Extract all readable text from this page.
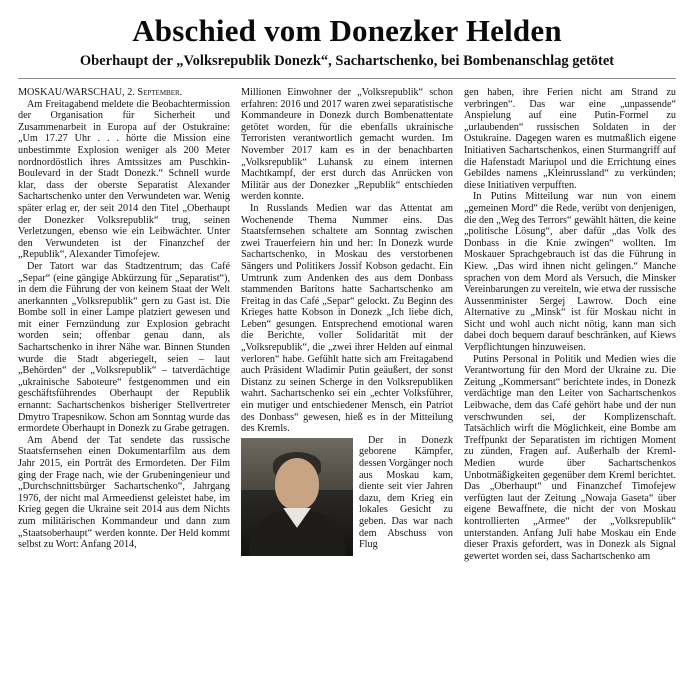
Abschied vom Donezker Helden
Oberhaupt der „Volksrepublik Donezk“, Sachartschenko, bei Bombenanschlag getötet

MOSKAU/WARSCHAU, 2. September.

Am Freitagabend meldete die Beobachtermission der Organisation für Sicherheit und Zusammenarbeit in Europa auf der Ostukraine: „Um 17.27 Uhr . . . hörte die Mission eine unbestimmte Explosion weniger als 200 Meter nordnordöstlich ihres Amtssitzes am Puschkin-Boulevard in der Stadt Donezk.“ Schnell wurde klar, dass der oberste Separatist Alexander Sachartschenko unter den Verwundeten war. Wenig später erlag er, der seit 2014 den Titel „Oberhaupt der Donezker Volksrepublik“ trug, seinen Verletzungen, ebenso wie ein Leibwächter. Unter den Verwundeten ist der Finanzchef der „Republik“, Alexander Timofejew.

Der Tatort war das Stadtzentrum; das Café „Separ“ (eine gängige Abkürzung für „Separatist“), in dem die Führung der von keinem Staat der Welt anerkannten „Volksrepublik“ gern zu Gast ist. Die Bombe soll in einer Lampe platziert gewesen und mit einer Fernzündung zur Explosion gebracht worden sein; offenbar genau dann, als Sachartschenko in ihrer Nähe war. Binnen Stunden wurde die Stadt abgeriegelt, seien – laut „Behörden“ der „Volksrepublik“ – tatverdächtige „ukrainische Saboteure“ festgenommen und ein geschäftsführendes Oberhaupt der Republik ernannt: Sachartschenkos bisheriger Stellvertreter Dmytro Trapesnikow. Schon am Sonntag wurde das ermordete Oberhaupt in Donezk zu Grabe getragen.

Am Abend der Tat sendete das russische Staatsfernsehen einen Dokumentarfilm aus dem Jahr 2015, ein Porträt des Ermordeten. Der Film ging der Frage nach, wie der Grubeningenieur und „Durchschnittsbürger Sachartschenko“, Jahrgang 1976, der nicht mal Armeedienst geleistet habe, im Krieg gegen die Ukraine seit 2014 aus dem Nichts zum militärischen Kommandeur und dann zum „Staatsoberhaupt“ werden konnte. Der Held kommt selbst zu Wort: Anfang 2014,

Millionen Einwohner der „Volksrepublik“ schon erfahren: 2016 und 2017 waren zwei separatistische Kommandeure in Donezk durch Bombenattentate getötet worden, für die ebenfalls ukrainische Terroristen verantwortlich gemacht wurden. Im November 2017 kam es in der benachbarten „Volksrepublik“ Luhansk zu einem internen Machtkampf, der erst durch das Anrücken von Militär aus der Donezker „Republik“ entschieden werden konnte.

In Russlands Medien war das Attentat am Wochenende Thema Nummer eins. Das Staatsfernsehen schaltete am Sonntag zwischen zwei Trauerfeiern hin und her: In Donezk wurde Sachartschenko, in Moskau des verstorbenen Sängers und Politikers Jossif Kobson gedacht. Ein Umtrunk zum Andenken des aus dem Donbass stammenden Baritons hatte Sachartschenko am Freitag in das Café „Separ“ gelockt. Zu Beginn des Krieges hatte Kobson in Donezk „Ich liebe dich, Leben“ gesungen. Entsprechend emotional waren die Berichte, voller Solidarität mit der „Volksrepublik“, die „zwei ihrer Helden auf einmal verloren“ habe. Gefühlt hatte sich am Freitagabend auch Präsident Wladimir Putin geäußert, der sonst Distanz zu seinen Scherge in den Volksrepubliken wahrt. Sachartschenko sei ein „echter Volksführer, ein mutiger und entschiedener Mensch, ein Patriot des Donbass“ gewesen, hieß es in der Mitteilung des Kremls.

Der in Donezk geborene Kämpfer, dessen Vorgänger noch aus Moskau kam, diente seit vier Jahren dazu, dem Krieg ein lokales Gesicht zu geben. Das war nach dem Abschuss von Flug

gen haben, ihre Ferien nicht am Strand zu verbringen“. Das war eine „unpassende“ Anspielung auf eine Putin-Formel zu „urlaubenden“ russischen Soldaten in der Ostukraine. Dagegen waren es mutmaßlich eigene Initiativen Sachartschenkos, einen Sturmangriff auf die Hafenstadt Mariupol und die Errichtung eines Gebildes namens „Kleinrussland“ zu verkünden; diese Initiativen verpufften.

In Putins Mitteilung war nun von einem „gemeinen Mord“ die Rede, verübt von denjenigen, die den „Weg des Terrors“ gewählt hätten, die keine „politische Lösung“, aber dafür „das Volk des Donbass in die Knie zwingen“ wollten. Im Moskauer Sprachgebrauch ist das die Führung in Kiew. „Das wird ihnen nicht gelingen.“ Manche sprachen von dem Mord als Versuch, die Minsker Vereinbarungen zu vereiteln, wie etwa der russische Aussenminister Sergej Lawrow. Doch eine Alternative zu „Minsk“ ist für Moskau nicht in Sicht und wohl auch nicht nötig, kann man sich dabei doch bequem darauf beschränken, auf Kiews Verpflichtungen hinzuweisen.

Putins Personal in Politik und Medien wies die Verantwortung für den Mord der Ukraine zu. Die Zeitung „Kommersant“ berichtete indes, in Donezk verdächtige man den Leiter von Sachartschenkos Leibwache, dem das Café gehört habe und der nun verschwunden sei, der Komplizenschaft. Tatsächlich wirft die Möglichkeit, eine Bombe am Treffpunkt der Separatisten im richtigen Moment zu zünden, Fragen auf. Außerhalb der Kreml-Medien wurde über Sachartschenkos Unbotmäßigkeiten gegenüber dem Kreml berichtet. Das „Oberhaupt“ und Finanzchef Timofejew verfügten laut der Zeitung „Nowaja Gaseta“ über eigene Bewaffnete, die nicht der von Moskau kontrollierten „Armee“ der „Volksrepublik“ unterstanden. Anfang Juli habe Moskau ein Ende dieser Praxis gefordert, was in Donezk als Signal gewertet worden sei, dass Sachartschenko am
